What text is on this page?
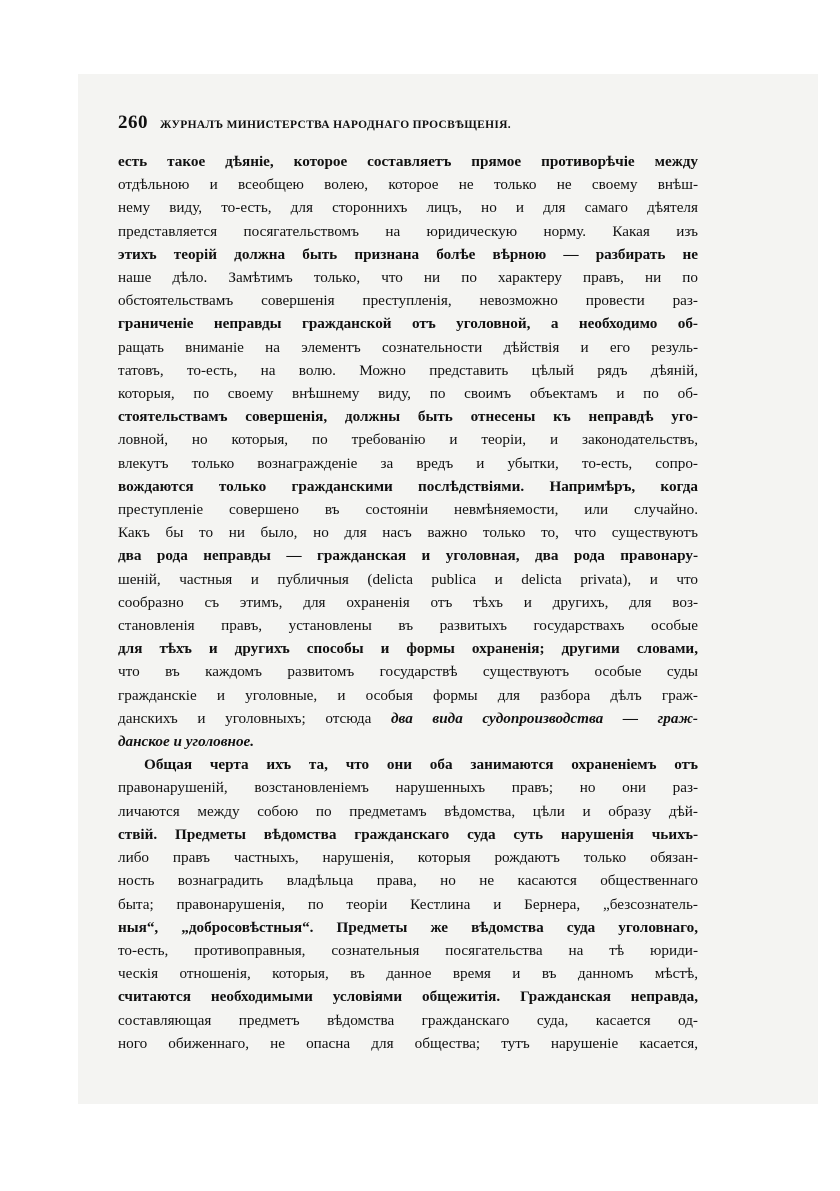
260 ЖУРНАЛЪ МИНИСТЕРСТВА НАРОДНАГО ПРОСВѢЩЕНІЯ.

есть такое дѣяніе, которое составляетъ прямое противорѣчіе между

отдѣльною и всеобщею волею, которое не только не своему внѣш-

нему виду, то-есть, для стороннихъ лицъ, но и для самаго дѣятеля

представляется посягательствомъ на юридическую норму. Какая изъ

этихъ теорій должна быть признана болѣе вѣрною — разбирать не

наше дѣло. Замѣтимъ только, что ни по характеру правъ, ни по

обстоятельствамъ совершенія преступленія, невозможно провести раз-

граниченіе неправды гражданской отъ уголовной, а необходимо об-

ращать вниманіе на элементъ сознательности дѣйствія и его резуль-

татовъ, то-есть, на волю. Можно представить цѣлый рядъ дѣяній,

которыя, по своему внѣшнему виду, по своимъ объектамъ и по об-

стоятельствамъ совершенія, должны быть отнесены къ неправдѣ уго-

ловной, но которыя, по требованію и теоріи, и законодательствъ,

влекутъ только вознагражденіе за вредъ и убытки, то-есть, сопро-

вождаются только гражданскими послѣдствіями. Напримѣръ, когда

преступленіе совершено въ состояніи невмѣняемости, или случайно.

Какъ бы то ни было, но для насъ важно только то, что существуютъ

два рода неправды — гражданская и уголовная, два рода правонару-

шеній, частныя и публичныя (delicta publica и delicta privata), и что

сообразно съ этимъ, для охраненія отъ тѣхъ и другихъ, для воз-

становленія правъ, установлены въ развитыхъ государствахъ особые

для тѣхъ и другихъ способы и формы охраненія; другими словами,

что въ каждомъ развитомъ государствѣ существуютъ особые суды

гражданскіе и уголовные, и особыя формы для разбора дѣлъ граж-

данскихъ и уголовныхъ; отсюда два вида судопроизводства — граж-

данское и уголовное.

Общая черта ихъ та, что они оба занимаются охраненіемъ отъ

правонарушеній, возстановленіемъ нарушенныхъ правъ; но они раз-

личаются между собою по предметамъ вѣдомства, цѣли и образу дѣй-

ствій. Предметы вѣдомства гражданскаго суда суть нарушенія чьихъ-

либо правъ частныхъ, нарушенія, которыя рождаютъ только обязан-

ность вознаградить владѣльца права, но не касаются общественнаго

быта; правонарушенія, по теоріи Кестлина и Бернера, „безсознатель-

ныя“, „добросовѣстныя“. Предметы же вѣдомства суда уголовнаго,

то-есть, противоправныя, сознательныя посягательства на тѣ юриди-

ческія отношенія, которыя, въ данное время и въ данномъ мѣстѣ,

считаются необходимыми условіями общежитія. Гражданская неправда,

составляющая предметъ вѣдомства гражданскаго суда, касается од-

ного обиженнаго, не опасна для общества; тутъ нарушеніе касается,
